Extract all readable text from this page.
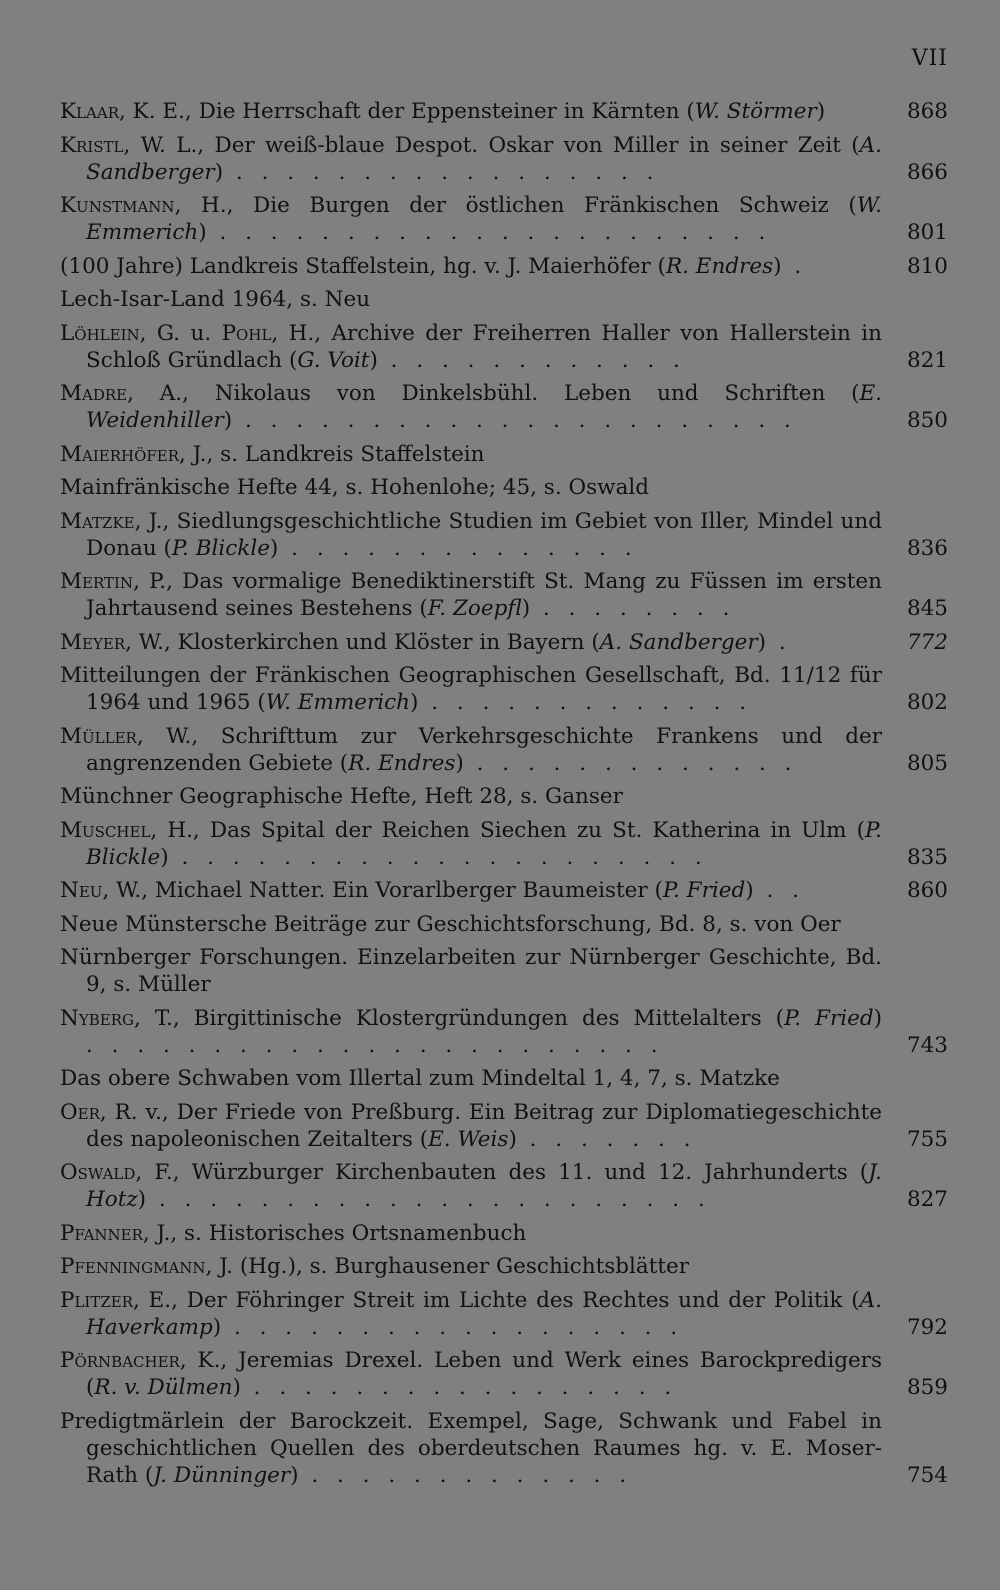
VII
Klaar, K. E., Die Herrschaft der Eppensteiner in Kärnten (W. Störmer)	868
Kristl, W. L., Der weiß-blaue Despot. Oskar von Miller in seiner Zeit (A. Sandberger) . . . . . . . . . . . . . . . . .	866
Kunstmann, H., Die Burgen der östlichen Fränkischen Schweiz (W. Emmerich) . . . . . . . . . . . . . . . . . . . . . .	801
(100 Jahre) Landkreis Staffelstein, hg. v. J. Maierhöfer (R. Endres) .	810
Lech-Isar-Land 1964, s. Neu
Löhlein, G. u. Pohl, H., Archive der Freiherren Haller von Hallerstein in Schloß Gründlach (G. Voit) . . . . . . . . . . . .	821
Madre, A., Nikolaus von Dinkelsbühl. Leben und Schriften (E. Weidenhiller) . . . . . . . . . . . . . . . . . . . . . .	850
Maierhöfer, J., s. Landkreis Staffelstein
Mainfränkische Hefte 44, s. Hohenlohe; 45, s. Oswald
Matzke, J., Siedlungsgeschichtliche Studien im Gebiet von Iller, Mindel und Donau (P. Blickle) . . . . . . . . . . . . . .	836
Mertin, P., Das vormalige Benediktinerstift St. Mang zu Füssen im ersten Jahrtausend seines Bestehens (F. Zoepfl) . . . . . . . .	845
Meyer, W., Klosterkirchen und Klöster in Bayern (A. Sandberger) .	772
Mitteilungen der Fränkischen Geographischen Gesellschaft, Bd. 11/12 für 1964 und 1965 (W. Emmerich) . . . . . . . . . . . . .	802
Müller, W., Schrifttum zur Verkehrsgeschichte Frankens und der angrenzenden Gebiete (R. Endres) . . . . . . . . . . . . .	805
Münchner Geographische Hefte, Heft 28, s. Ganser
Muschel, H., Das Spital der Reichen Siechen zu St. Katherina in Ulm (P. Blickle) . . . . . . . . . . . . . . . . . . . . .	835
Neu, W., Michael Natter. Ein Vorarlberger Baumeister (P. Fried) . .	860
Neue Münstersche Beiträge zur Geschichtsforschung, Bd. 8, s. von Oer
Nürnberger Forschungen. Einzelarbeiten zur Nürnberger Geschichte, Bd. 9, s. Müller
Nyberg, T., Birgittinische Klostergründungen des Mittelalters (P. Fried) . . . . . . . . . . . . . . . . . . . . . . .	743
Das obere Schwaben vom Illertal zum Mindeltal 1, 4, 7, s. Matzke
Oer, R. v., Der Friede von Preßburg. Ein Beitrag zur Diplomatiegeschichte des napoleonischen Zeitalters (E. Weis) . . . . . . .	755
Oswald, F., Würzburger Kirchenbauten des 11. und 12. Jahrhunderts (J. Hotz) . . . . . . . . . . . . . . . . . . . . . .	827
Pfanner, J., s. Historisches Ortsnamenbuch
Pfenningmann, J. (Hg.), s. Burghausener Geschichtsblätter
Plitzer, E., Der Föhringer Streit im Lichte des Rechtes und der Politik (A. Haverkamp) . . . . . . . . . . . . . . . . . .	792
Pörnbacher, K., Jeremias Drexel. Leben und Werk eines Barockpredigers (R. v. Dülmen) . . . . . . . . . . . . . . . . .	859
Predigtmärlein der Barockzeit. Exempel, Sage, Schwank und Fabel in geschichtlichen Quellen des oberdeutschen Raumes hg. v. E. Moser-Rath (J. Dünninger) . . . . . . . . . . . . .	754
